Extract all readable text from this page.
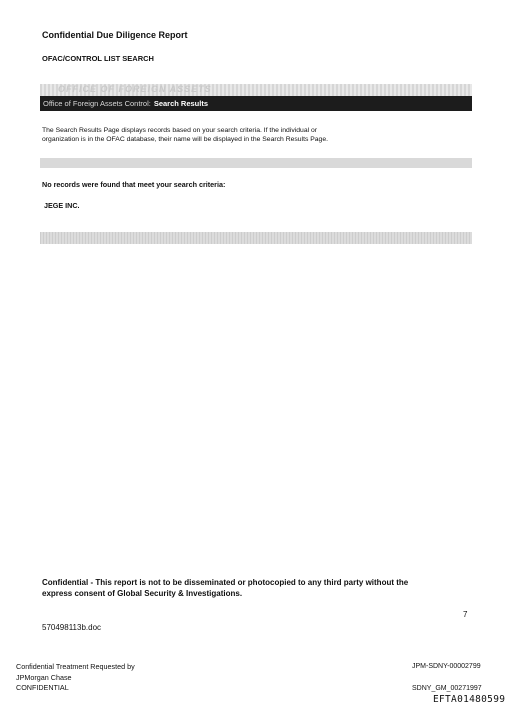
Confidential Due Diligence Report
OFAC/CONTROL LIST SEARCH
OFFICE OF FOREIGN ASSETS
Office of Foreign Assets Control: Search Results
The Search Results Page displays records based on your search criteria. If the individual or
organization is in the OFAC database, their name will be displayed in the Search Results Page.
No records were found that meet your search criteria:
JEGE INC.
Confidential - This report is not to be disseminated or photocopied to any third party without the
express consent of Global Security & Investigations.
7
570498113b.doc
Confidential Treatment Requested by
JPMorgan Chase
CONFIDENTIAL
JPM-SDNY-00002799
SDNY_GM_00271997
EFTA01480599
